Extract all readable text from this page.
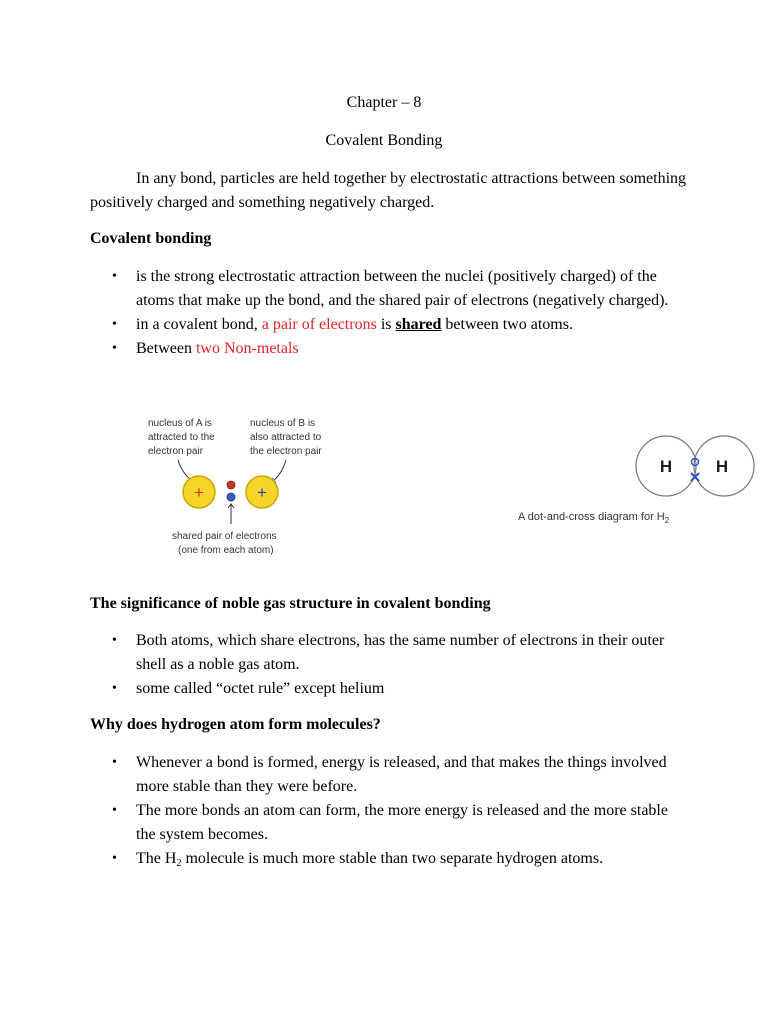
Chapter – 8
Covalent Bonding
In any bond, particles are held together by electrostatic attractions between something positively charged and something negatively charged.
Covalent bonding
• is the strong electrostatic attraction between the nuclei (positively charged) of the atoms that make up the bond, and the shared pair of electrons (negatively charged).
• in a covalent bond, a pair of electrons is shared between two atoms.
• Between two Non-metals
nucleus of A is
attracted to the
electron pair
nucleus of B is
also attracted to
the electron pair
+	+
shared pair of electrons
(one from each atom)
H	H
A dot-and-cross diagram for $H_2$
The significance of noble gas structure in covalent bonding
• Both atoms, which share electrons, has the same number of electrons in their outer shell as a noble gas atom.
• some called “octet rule” except helium
Why does hydrogen atom form molecules?
• Whenever a bond is formed, energy is released, and that makes the things involved more stable than they were before.
• The more bonds an atom can form, the more energy is released and the more stable the system becomes.
• The $H_2$ molecule is much more stable than two separate hydrogen atoms.
